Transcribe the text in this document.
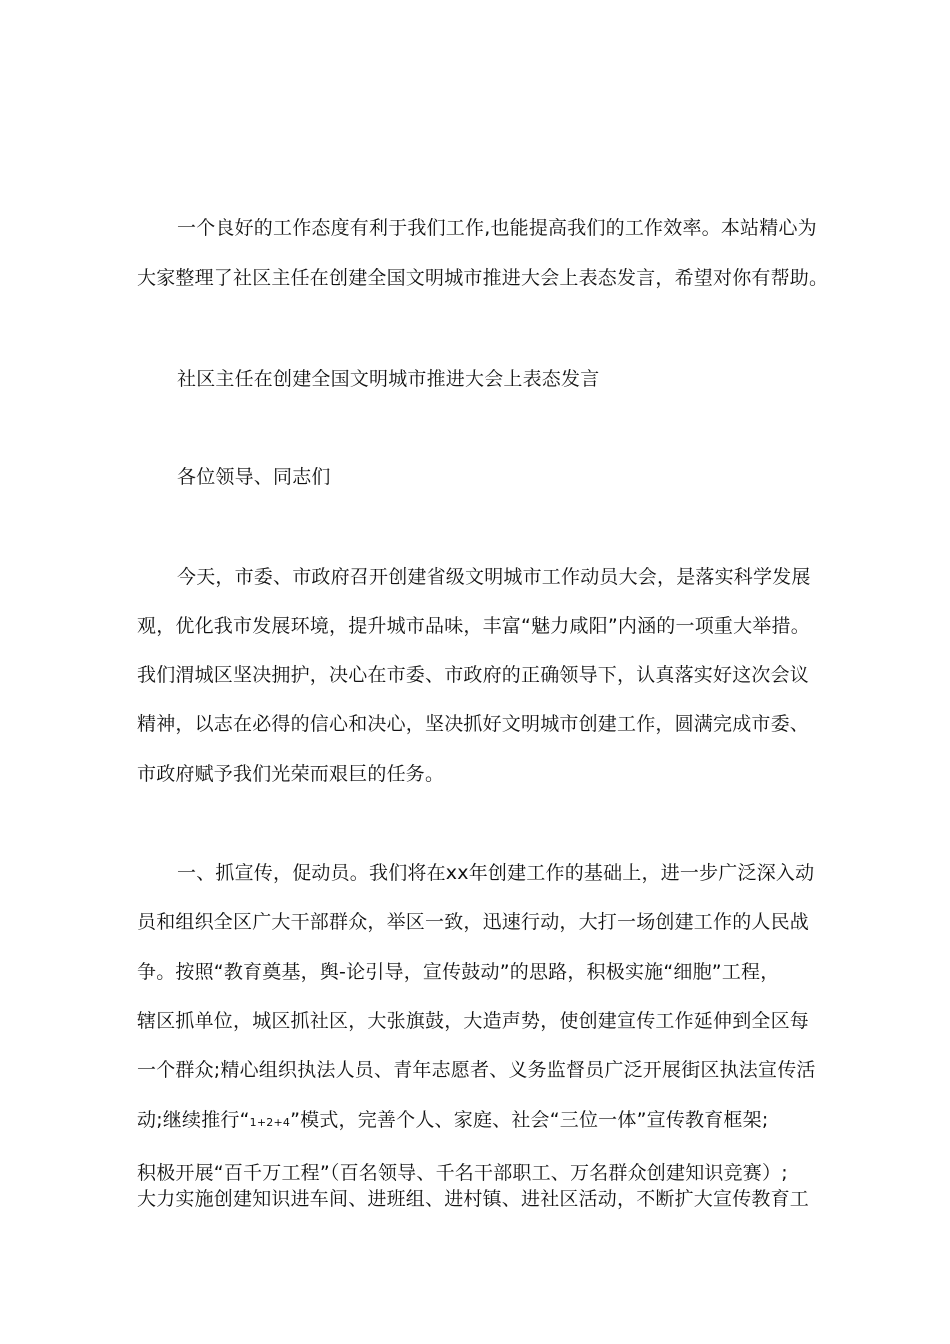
一个良好的工作态度有利于我们工作,也能提高我们的工作效率。本站精心为
大家整理了社区主任在创建全国文明城市推进大会上表态发言，希望对你有帮助。
社区主任在创建全国文明城市推进大会上表态发言
各位领导、同志们
今天，市委、市政府召开创建省级文明城市工作动员大会，是落实科学发展
观，优化我市发展环境，提升城市品味，丰富“魅力咸阳”内涵的一项重大举措。
我们渭城区坚决拥护，决心在市委、市政府的正确领导下，认真落实好这次会议
精神，以志在必得的信心和决心，坚决抓好文明城市创建工作，圆满完成市委、
市政府赋予我们光荣而艰巨的任务。
一、抓宣传，促动员。我们将在xx年创建工作的基础上，进一步广泛深入动
员和组织全区广大干部群众，举区一致，迅速行动，大打一场创建工作的人民战
争。按照“教育奠基，舆-论引导，宣传鼓动”的思路，积极实施“细胞”工程，
辖区抓单位，城区抓社区，大张旗鼓，大造声势，使创建宣传工作延伸到全区每
一个群众;精心组织执法人员、青年志愿者、义务监督员广泛开展街区执法宣传活
动;继续推行“1+2+4”模式，完善个人、家庭、社会“三位一体”宣传教育框架;
积极开展“百千万工程”（百名领导、千名干部职工、万名群众创建知识竞赛）;
大力实施创建知识进车间、进班组、进村镇、进社区活动，不断扩大宣传教育工
